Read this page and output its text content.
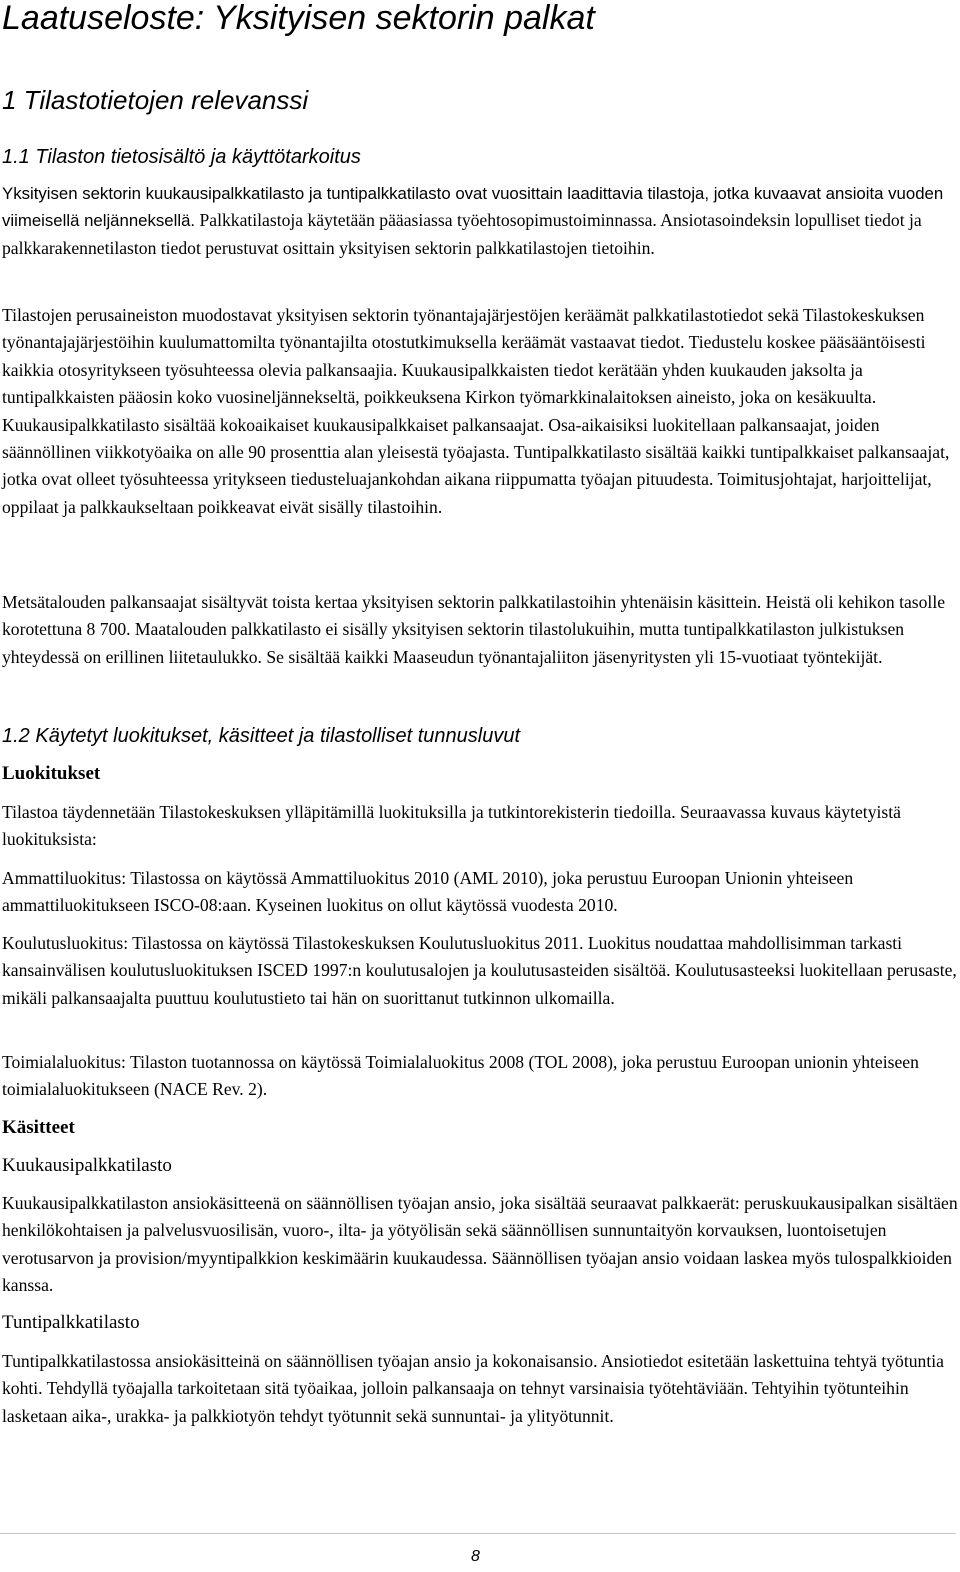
Laatuseloste: Yksityisen sektorin palkat
1 Tilastotietojen relevanssi
1.1 Tilaston tietosisältö ja käyttötarkoitus

Yksityisen sektorin kuukausipalkkatilasto ja tuntipalkkatilasto ovat vuosittain laadittavia tilastoja, jotka kuvaavat ansioita vuoden viimeisellä neljänneksellä. Palkkatilastoja käytetään pääasiassa työehtosopimustoiminnassa. Ansiotasoindeksin lopulliset tiedot ja palkkarakennetilaston tiedot perustuvat osittain yksityisen sektorin palkkatilastojen tietoihin.

Tilastojen perusaineiston muodostavat yksityisen sektorin työnantajajärjestöjen keräämät palkkatilastotiedot sekä Tilastokeskuksen työnantajajärjestöihin kuulumattomilta työnantajilta otostutkimuksella keräämät vastaavat tiedot. Tiedustelu koskee pääsääntöisesti kaikkia otosyritykseen työsuhteessa olevia palkansaajia. Kuukausipalkkaisten tiedot kerätään yhden kuukauden jaksolta ja tuntipalkkaisten pääosin koko vuosineljännekseltä, poikkeuksena Kirkon työmarkkinalaitoksen aineisto, joka on kesäkuulta. Kuukausipalkkatilasto sisältää kokoaikaiset kuukausipalkkaiset palkansaajat. Osa-aikaisiksi luokitellaan palkansaajat, joiden säännöllinen viikkotyöaika on alle 90 prosenttia alan yleisestä työajasta. Tuntipalkkatilasto sisältää kaikki tuntipalkkaiset palkansaajat, jotka ovat olleet työsuhteessa yritykseen tiedusteluajankohdan aikana riippumatta työajan pituudesta. Toimitusjohtajat, harjoittelijat, oppilaat ja palkkaukseltaan poikkeavat eivät sisälly tilastoihin.

Metsätalouden palkansaajat sisältyvät toista kertaa yksityisen sektorin palkkatilastoihin yhtenäisin käsittein. Heistä oli kehikon tasolle korotettuna 8 700. Maatalouden palkkatilasto ei sisälly yksityisen sektorin tilastolukuihin, mutta tuntipalkkatilaston julkistuksen yhteydessä on erillinen liitetaulukko. Se sisältää kaikki Maaseudun työnantajaliiton jäsenyritysten yli 15-vuotiaat työntekijät.

1.2 Käytetyt luokitukset, käsitteet ja tilastolliset tunnusluvut
Luokitukset

Tilastoa täydennetään Tilastokeskuksen ylläpitämillä luokituksilla ja tutkintorekisterin tiedoilla. Seuraavassa kuvaus käytetyistä luokituksista:

Ammattiluokitus: Tilastossa on käytössä Ammattiluokitus 2010 (AML 2010), joka perustuu Euroopan Unionin yhteiseen ammattiluokitukseen ISCO-08:aan. Kyseinen luokitus on ollut käytössä vuodesta 2010.

Koulutusluokitus: Tilastossa on käytössä Tilastokeskuksen Koulutusluokitus 2011. Luokitus noudattaa mahdollisimman tarkasti kansainvälisen koulutusluokituksen ISCED 1997:n koulutusalojen ja koulutusasteiden sisältöä. Koulutusasteeksi luokitellaan perusaste, mikäli palkansaajalta puuttuu koulutustieto tai hän on suorittanut tutkinnon ulkomailla.

Toimialaluokitus: Tilaston tuotannossa on käytössä Toimialaluokitus 2008 (TOL 2008), joka perustuu Euroopan unionin yhteiseen toimialaluokitukseen (NACE Rev. 2).

Käsitteet
Kuukausipalkkatilasto

Kuukausipalkkatilaston ansiokäsitteenä on säännöllisen työajan ansio, joka sisältää seuraavat palkkaerät: peruskuukausipalkan sisältäen henkilökohtaisen ja palvelusvuosilisän, vuoro-, ilta- ja yötyölisän sekä säännöllisen sunnuntaityön korvauksen, luontoisetujen verotusarvon ja provision/myyntipalkkion keskimäärin kuukaudessa. Säännöllisen työajan ansio voidaan laskea myös tulospalkkioiden kanssa.

Tuntipalkkatilasto

Tuntipalkkatilastossa ansiokäsitteinä on säännöllisen työajan ansio ja kokonaisansio. Ansiotiedot esitetään laskettuina tehtyä työtuntia kohti. Tehdyllä työajalla tarkoitetaan sitä työaikaa, jolloin palkansaaja on tehnyt varsinaisia työtehtäviään. Tehtyihin työtunteihin lasketaan aika-, urakka- ja palkkiotyön tehdyt työtunnit sekä sunnuntai- ja ylityötunnit.

8
